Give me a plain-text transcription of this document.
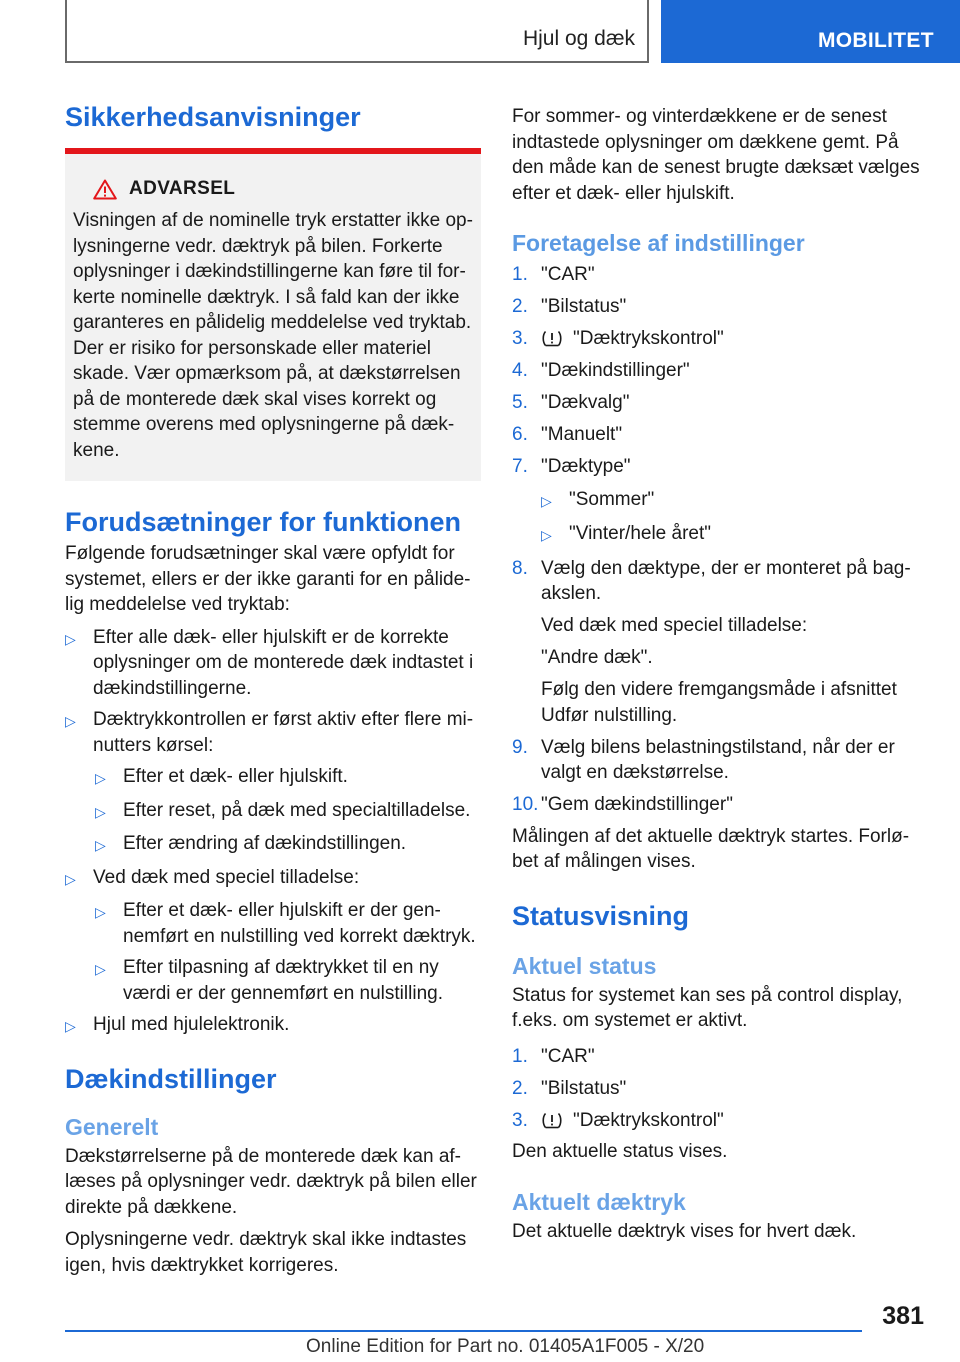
Hjul og dæk	MOBILITET
Sikkerhedsanvisninger
ADVARSEL
Visningen af de nominelle tryk erstatter ikke op-
lysningerne vedr. dæktryk på bilen. Forkerte
oplysninger i dækindstillingerne kan føre til for-
kerte nominelle dæktryk. I så fald kan der ikke
garanteres en pålidelig meddelelse ved tryktab.
Der er risiko for personskade eller materiel
skade. Vær opmærksom på, at dækstørrelsen
på de monterede dæk skal vises korrekt og
stemme overens med oplysningerne på dæk-
kene.
Forudsætninger for funktionen
Følgende forudsætninger skal være opfyldt for
systemet, ellers er der ikke garanti for en pålide-
lig meddelelse ved tryktab:
▷ Efter alle dæk- eller hjulskift er de korrekte
oplysninger om de monterede dæk indtastet i
dækindstillingerne.
▷ Dæktrykkontrollen er først aktiv efter flere mi-
nutters kørsel:
▷ Efter et dæk- eller hjulskift.
▷ Efter reset, på dæk med specialtilladelse.
▷ Efter ændring af dækindstillingen.
▷ Ved dæk med speciel tilladelse:
▷ Efter et dæk- eller hjulskift er der gen-
nemført en nulstilling ved korrekt dæktryk.
▷ Efter tilpasning af dæktrykket til en ny
værdi er der gennemført en nulstilling.
▷ Hjul med hjulelektronik.
Dækindstillinger
Generelt
Dækstørrelserne på de monterede dæk kan af-
læses på oplysninger vedr. dæktryk på bilen eller
direkte på dækkene.
Oplysningerne vedr. dæktryk skal ikke indtastes
igen, hvis dæktrykket korrigeres.
For sommer- og vinterdækkene er de senest
indtastede oplysninger om dækkene gemt. På
den måde kan de senest brugte dæksæt vælges
efter et dæk- eller hjulskift.
Foretagelse af indstillinger
1. "CAR"
2. "Bilstatus"
3.	"Dæktrykskontrol"
4. "Dækindstillinger"
5. "Dækvalg"
6. "Manuelt"
7. "Dæktype"
▷ "Sommer"
▷ "Vinter/hele året"
8. Vælg den dæktype, der er monteret på bag-
akslen.
Ved dæk med speciel tilladelse:
"Andre dæk".
Følg den videre fremgangsmåde i afsnittet
Udfør nulstilling.
9. Vælg bilens belastningstilstand, når der er
valgt en dækstørrelse.
10. "Gem dækindstillinger"
Målingen af det aktuelle dæktryk startes. Forlø-
bet af målingen vises.
Statusvisning
Aktuel status
Status for systemet kan ses på control display,
f.eks. om systemet er aktivt.
1. "CAR"
2. "Bilstatus"
3.	"Dæktrykskontrol"
Den aktuelle status vises.
Aktuelt dæktryk
Det aktuelle dæktryk vises for hvert dæk.
381
Online Edition for Part no. 01405A1F005 - X/20
